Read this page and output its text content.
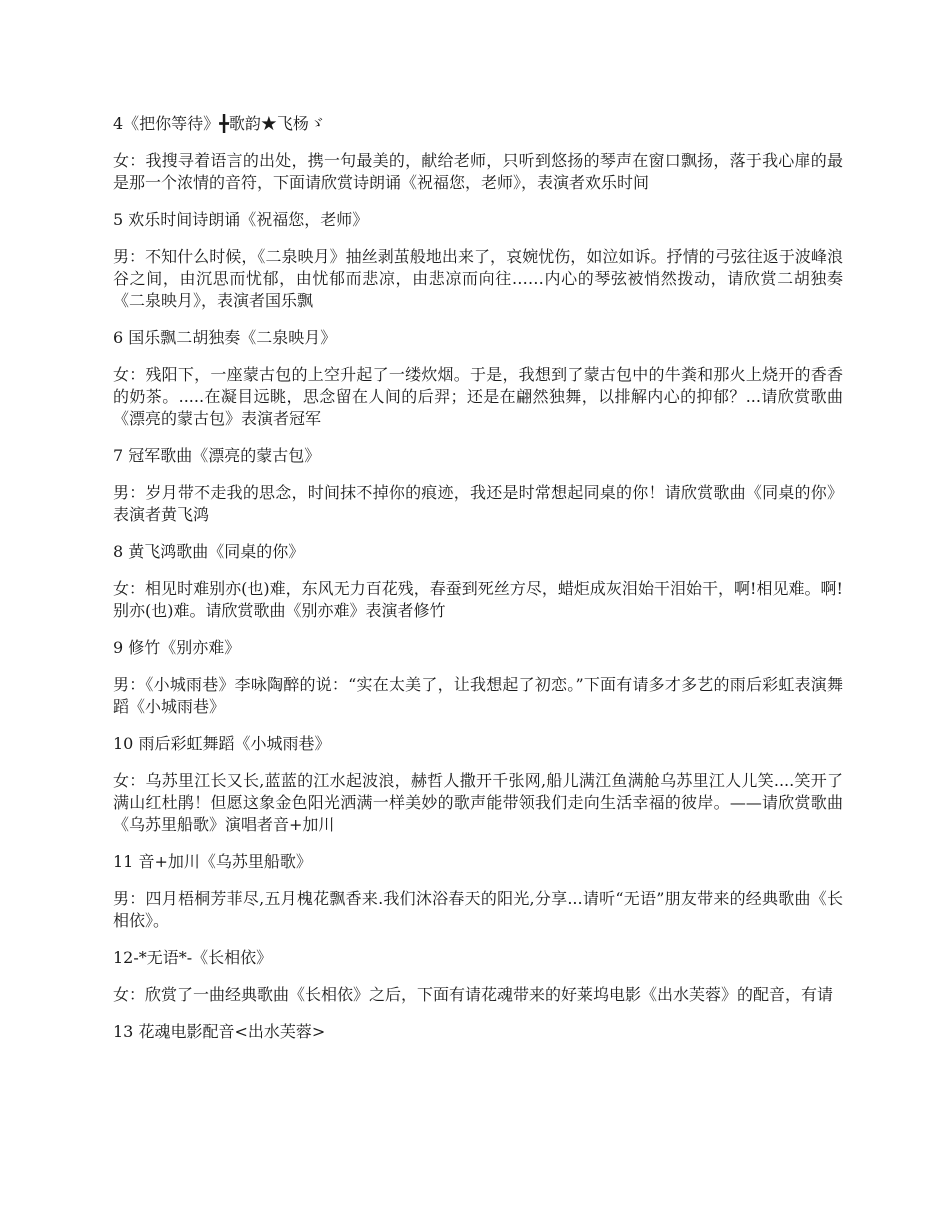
4《把你等待》╋歌韵★飞杨ゞ

女：我搜寻着语言的出处，携一句最美的，献给老师，只听到悠扬的琴声在窗口飘扬，落于我心扉的最是那一个浓情的音符，下面请欣赏诗朗诵《祝福您，老师》，表演者欢乐时间

5 欢乐时间诗朗诵《祝福您，老师》

男：不知什么时候，《二泉映月》抽丝剥茧般地出来了，哀婉忧伤，如泣如诉。抒情的弓弦往返于波峰浪谷之间，由沉思而忧郁，由忧郁而悲凉，由悲凉而向往……内心的琴弦被悄然拨动，请欣赏二胡独奏《二泉映月》，表演者国乐飘

6 国乐飘二胡独奏《二泉映月》

女：残阳下，一座蒙古包的上空升起了一缕炊烟。于是，我想到了蒙古包中的牛粪和那火上烧开的香香的奶茶。.....在凝目远眺，思念留在人间的后羿；还是在翩然独舞，以排解内心的抑郁？...请欣赏歌曲《漂亮的蒙古包》表演者冠军

7 冠军歌曲《漂亮的蒙古包》

男：岁月带不走我的思念，时间抹不掉你的痕迹，我还是时常想起同桌的你！请欣赏歌曲《同桌的你》表演者黄飞鸿

8 黄飞鸿歌曲《同桌的你》

女：相见时难别亦(也)难，东风无力百花残，春蚕到死丝方尽，蜡炬成灰泪始干泪始干，啊!相见难。啊!别亦(也)难。请欣赏歌曲《别亦难》表演者修竹

9 修竹《别亦难》

男：《小城雨巷》李咏陶醉的说：“实在太美了，让我想起了初恋。”下面有请多才多艺的雨后彩虹表演舞蹈《小城雨巷》

10 雨后彩虹舞蹈《小城雨巷》

女：乌苏里江长又长,蓝蓝的江水起波浪，赫哲人撒开千张网,船儿满江鱼满舱乌苏里江人儿笑....笑开了满山红杜鹃！但愿这象金色阳光洒满一样美妙的歌声能带领我们走向生活幸福的彼岸。——请欣赏歌曲《乌苏里船歌》演唱者音+加川

11 音+加川《乌苏里船歌》

男：四月梧桐芳菲尽,五月槐花飘香来.我们沐浴春天的阳光,分享...请听“无语”朋友带来的经典歌曲《长相依》。

12-*无语*-《长相依》

女：欣赏了一曲经典歌曲《长相依》之后，下面有请花魂带来的好莱坞电影《出水芙蓉》的配音，有请

13 花魂电影配音<出水芙蓉>
